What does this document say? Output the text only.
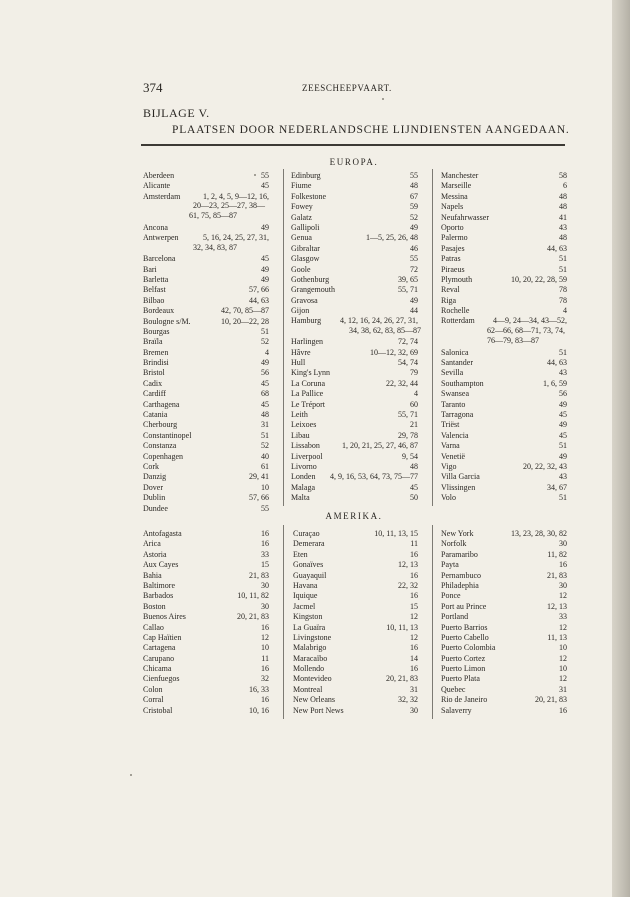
374	ZEESCHEEPVAART.
BIJLAGE V.
PLAATSEN DOOR NEDERLANDSCHE LIJNDIENSTEN AANGEDAAN.
EUROPA.
Aberdeen	55
Alicante	45
Amsterdam	1, 2, 4, 5, 9—12, 16,
20—23, 25—27, 38—
61, 75, 85—87
Ancona	49
Antwerpen	5, 16, 24, 25, 27, 31,
32, 34, 83, 87
Barcelona	45
Bari	49
Barletta	49
Belfast	57, 66
Bilbao	44, 63
Bordeaux	42, 70, 85—87
Boulogne s/M.	10, 20—22, 28
Bourgas	51
Braïla	52
Bremen	4
Brindisi	49
Bristol	56
Cadix	45
Cardiff	68
Carthagena	45
Catania	48
Cherbourg	31
Constantinopel	51
Constanza	52
Copenhagen	40
Cork	61
Danzig	29, 41
Dover	10
Dublin	57, 66
Dundee	55
Edinburg	55
Fiume	48
Folkestone	67
Fowey	59
Galatz	52
Gallipoli	49
Genua	1—5, 25, 26, 48
Gibraltar	46
Glasgow	55
Goole	72
Gothenburg	39, 65
Grangemouth	55, 71
Gravosa	49
Gijon	44
Hamburg 4, 12, 16, 24, 26, 27, 31,
34, 38, 62, 83, 85—87
Harlingen	72, 74
Hâvre	10—12, 32, 69
Hull	54, 74
King's Lynn	79
La Coruna	22, 32, 44
La Pallice	4
Le Tréport	60
Leith	55, 71
Leixoes	21
Libau	29, 78
Lissabon	1, 20, 21, 25, 27, 46, 87
Liverpool	9, 54
Livorno	48
Londen 4, 9, 16, 53, 64, 73, 75—77
Malaga	45
Malta	50
Manchester	58
Marseille	6
Messina	48
Napels	48
Neufahrwasser	41
Oporto	43
Palermo	48
Pasajes	44, 63
Patras	51
Piraeus	51
Plymouth	10, 20, 22, 28, 59
Reval	78
Riga	78
Rochelle	4
Rotterdam 4—9, 24—34, 43—52,
62—66, 68—71, 73, 74,
76—79, 83—87
Salonica	51
Santander	44, 63
Sevilla	43
Southampton	1, 6, 59
Swansea	56
Taranto	49
Tarragona	45
Triëst	49
Valencia	45
Varna	51
Venetië	49
Vigo	20, 22, 32, 43
Villa Garcia	43
Vlissingen	34, 67
Volo	51
AMERIKA.
Antofagasta	16
Arica	16
Astoria	33
Aux Cayes	15
Bahia	21, 83
Baltimore	30
Barbados	10, 11, 82
Boston	30
Buenos Aires	20, 21, 83
Callao	16
Cap Haïtien	12
Cartagena	10
Carupano	11
Chicama	16
Cienfuegos	32
Colon	16, 33
Corral	16
Cristobal	10, 16
Curaçao	10, 11, 13, 15
Demerara	11
Eten	16
Gonaïves	12, 13
Guayaquil	16
Havana	22, 32
Iquique	16
Jacmel	15
Kingston	12
La Guaïra	10, 11, 13
Livingstone	12
Malabrigo	16
Maracaïbo	14
Mollendo	16
Montevideo	20, 21, 83
Montreal	31
New Orleans	32, 32
New Port News	30
New York	13, 23, 28, 30, 82
Norfolk	30
Paramaribo	11, 82
Payta	16
Pernambuco	21, 83
Philadephia	30
Ponce	12
Port au Prince	12, 13
Portland	33
Puerto Barrios	12
Puerto Cabello	11, 13
Puerto Colombia	10
Puerto Cortez	12
Puerto Limon	10
Puerto Plata	12
Quebec	31
Rio de Janeiro	20, 21, 83
Salaverry	16
